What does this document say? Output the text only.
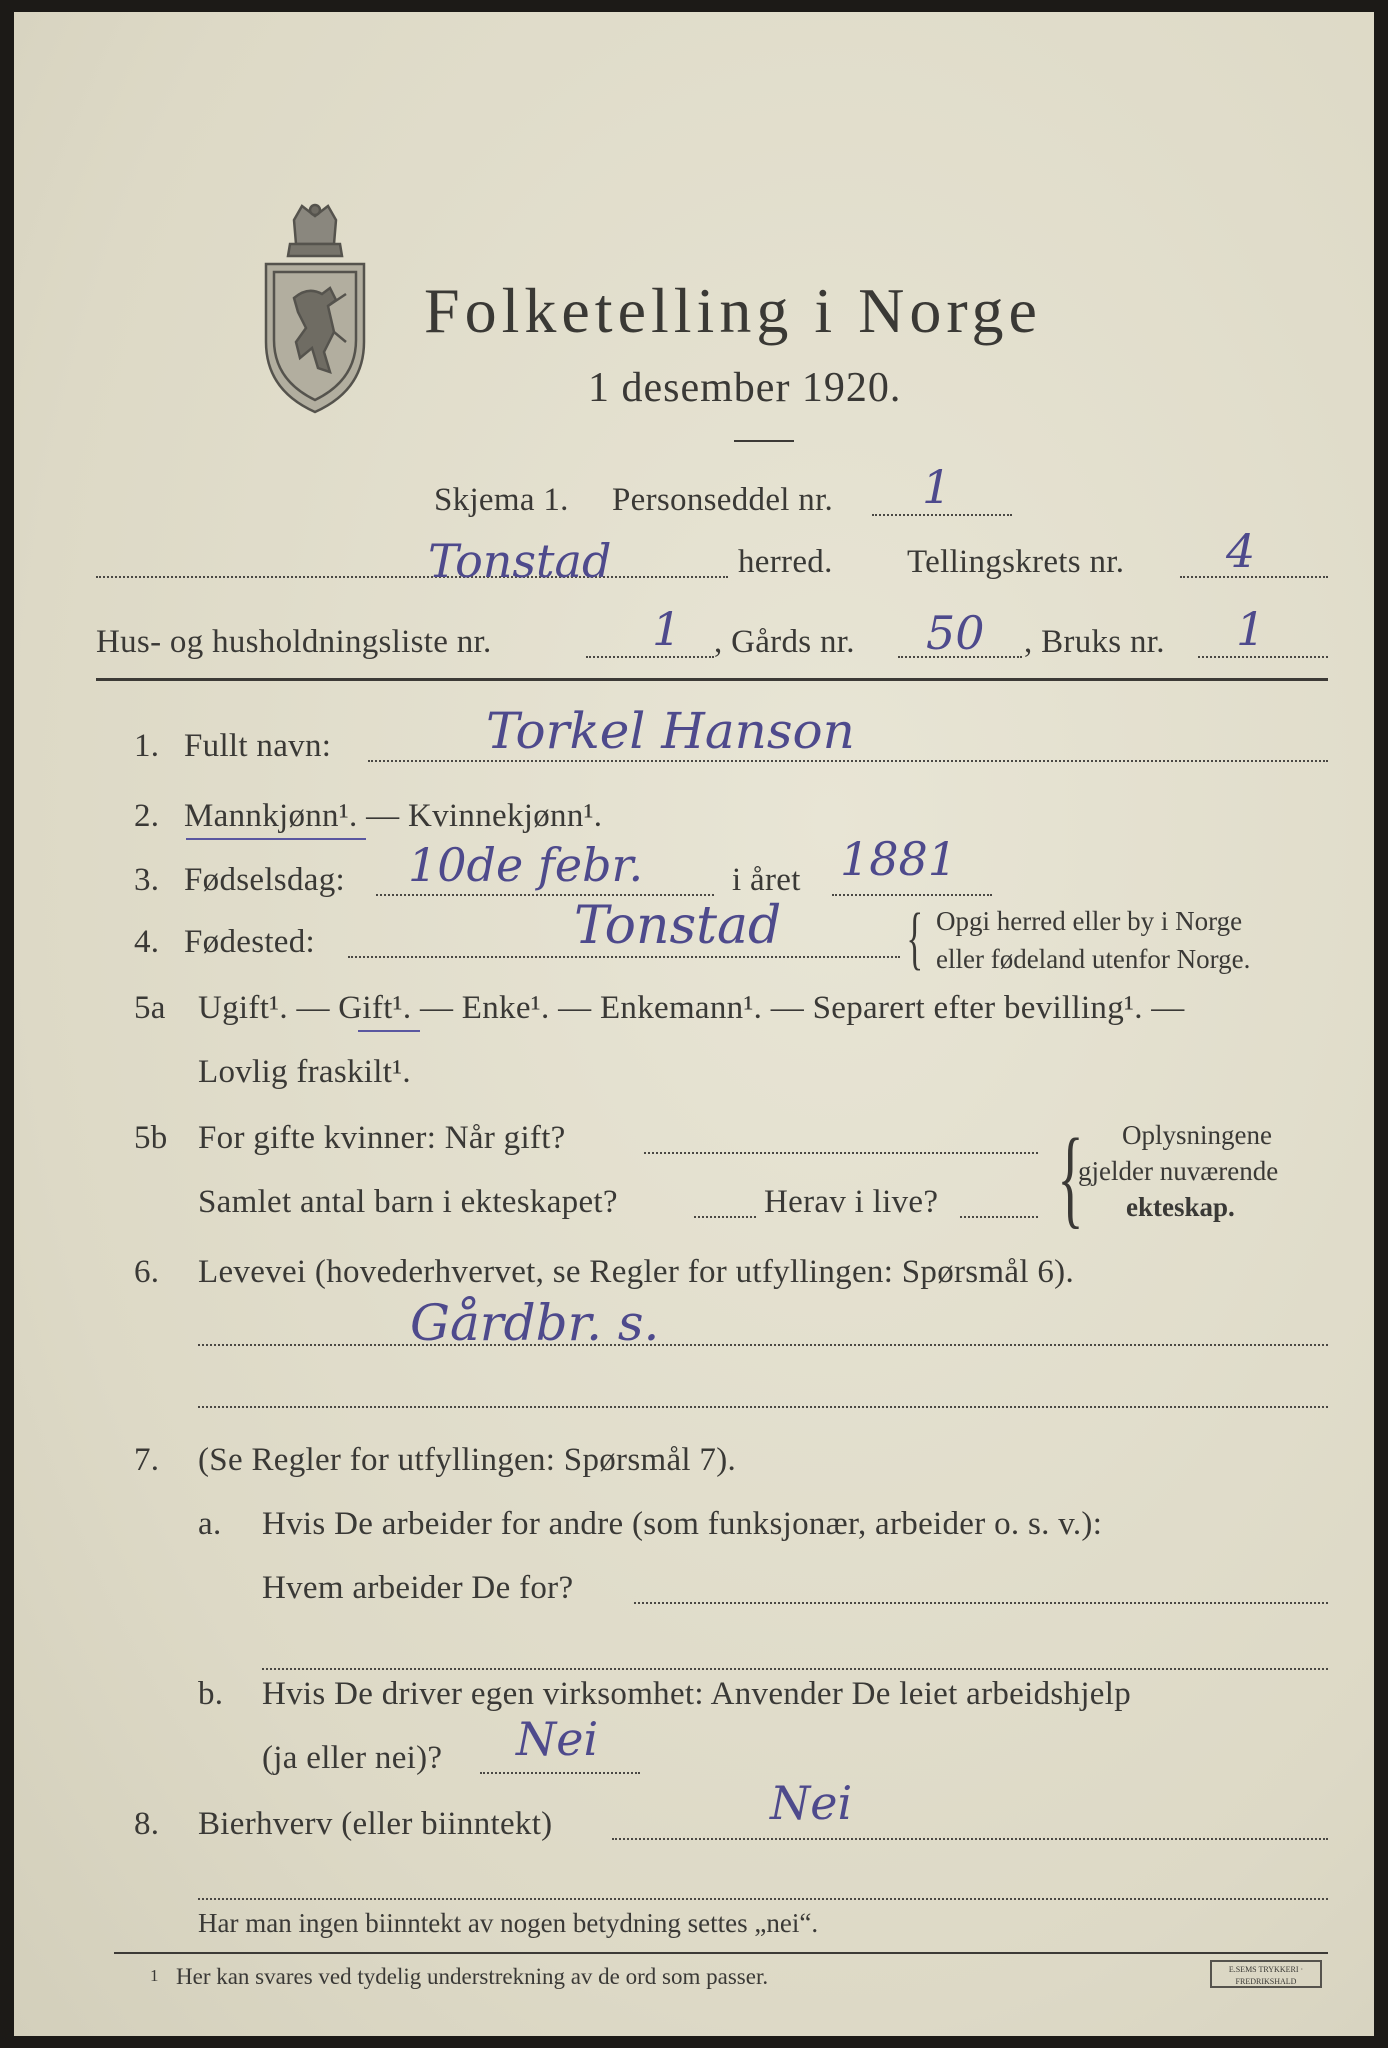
Folketelling i Norge
1 desember 1920.
Skjema 1. Personseddel nr. 1
Tonstad	herred. Tellingskrets nr. 4
Hus- og husholdningsliste nr.	1 , Gårds nr. 50 , Bruks nr. 1
1. Fullt navn:	Torkel Hanson
2. Mannkjønn¹. — Kvinnekjønn¹.
3. Fødselsdag: 10de febr.	i året 1881
4. Fødested:	Tonstad { Opgi herred eller by i Norge
eller fødeland utenfor Norge.
5a Ugift¹. — Gift¹. — Enke¹. — Enkemann¹. — Separert efter bevilling¹. —
Lovlig fraskilt¹.
5b For gifte kvinner: Når gift?
Samlet antal barn i ekteskapet?	Herav i live? { Oplysningene
gjelder nuværende
ekteskap.
6. Levevei (hovederhvervet, se Regler for utfyllingen: Spørsmål 6).
Gårdbr. s.
7. (Se Regler for utfyllingen: Spørsmål 7).
a. Hvis De arbeider for andre (som funksjonær, arbeider o. s. v.):
Hvem arbeider De for?
b. Hvis De driver egen virksomhet: Anvender De leiet arbeidshjelp
(ja eller nei)? Nei
8. Bierhverv (eller biinntekt)	Nei
Har man ingen biinntekt av nogen betydning settes „nei“.
1 Her kan svares ved tydelig understrekning av de ord som passer.	E.SEMS TRYKKERI · FREDRIKSHALD
